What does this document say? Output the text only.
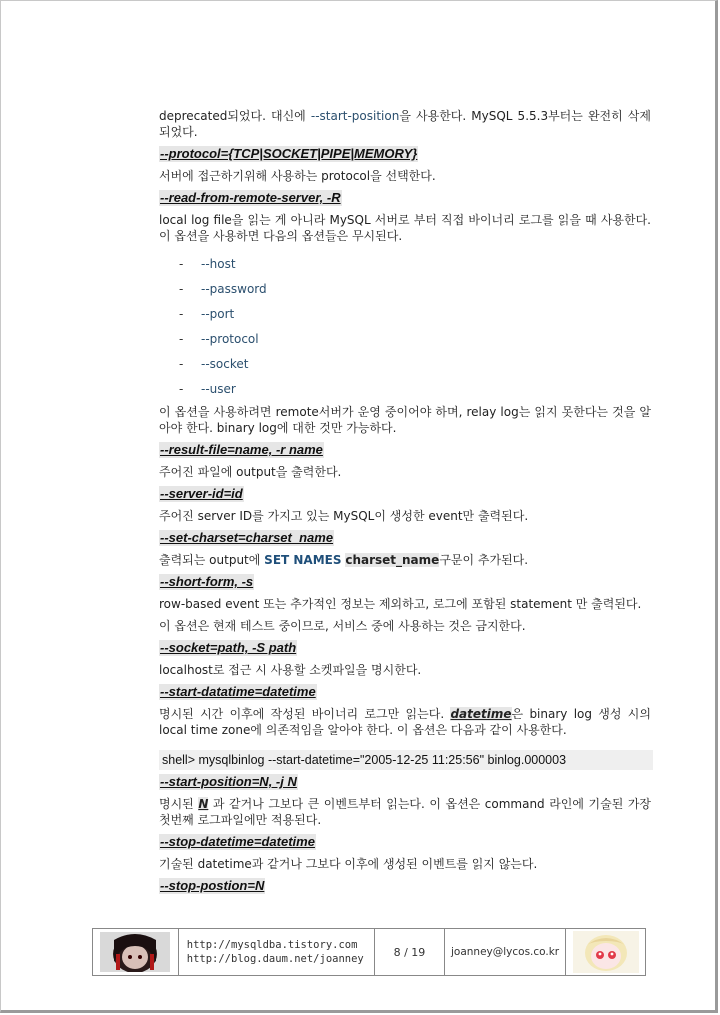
deprecated되었다. 대신에 --start-position을 사용한다. MySQL 5.5.3부터는 완전히 삭제되었다.

--protocol={TCP|SOCKET|PIPE|MEMORY}

서버에 접근하기위해 사용하는 protocol을 선택한다.

--read-from-remote-server, -R

local log file을 읽는 게 아니라 MySQL 서버로 부터 직접 바이너리 로그를 읽을 때 사용한다. 이 옵션을 사용하면 다음의 옵션들은 무시된다.

- --host
- --password
- --port
- --protocol
- --socket
- --user

이 옵션을 사용하려면 remote서버가 운영 중이어야 하며, relay log는 읽지 못한다는 것을 알아야 한다. binary log에 대한 것만 가능하다.

--result-file=name, -r name

주어진 파일에 output을 출력한다.

--server-id=id

주어진 server ID를 가지고 있는 MySQL이 생성한 event만 출력된다.

--set-charset=charset_name

출력되는 output에 SET NAMES charset_name구문이 추가된다.

--short-form, -s

row-based event 또는 추가적인 정보는 제외하고, 로그에 포함된 statement 만 출력된다.

이 옵션은 현재 테스트 중이므로, 서비스 중에 사용하는 것은 금지한다.

--socket=path, -S path

localhost로 접근 시 사용할 소켓파일을 명시한다.

--start-datatime=datetime

명시된 시간 이후에 작성된 바이너리 로그만 읽는다. datetime은 binary log 생성 시의 local time zone에 의존적임을 알아야 한다. 이 옵션은 다음과 같이 사용한다.

shell> mysqlbinlog --start-datetime="2005-12-25 11:25:56" binlog.000003
--start-position=N, -j N

명시된 N 과 같거나 그보다 큰 이벤트부터 읽는다. 이 옵션은 command 라인에 기술된 가장 첫번째 로그파일에만 적용된다.

--stop-datetime=datetime

기술된 datetime과 같거나 그보다 이후에 생성된 이벤트를 읽지 않는다.

--stop-postion=N
http://mysqldba.tistory.com
http://blog.daum.net/joanney
8 / 19	joanney@lycos.co.kr
